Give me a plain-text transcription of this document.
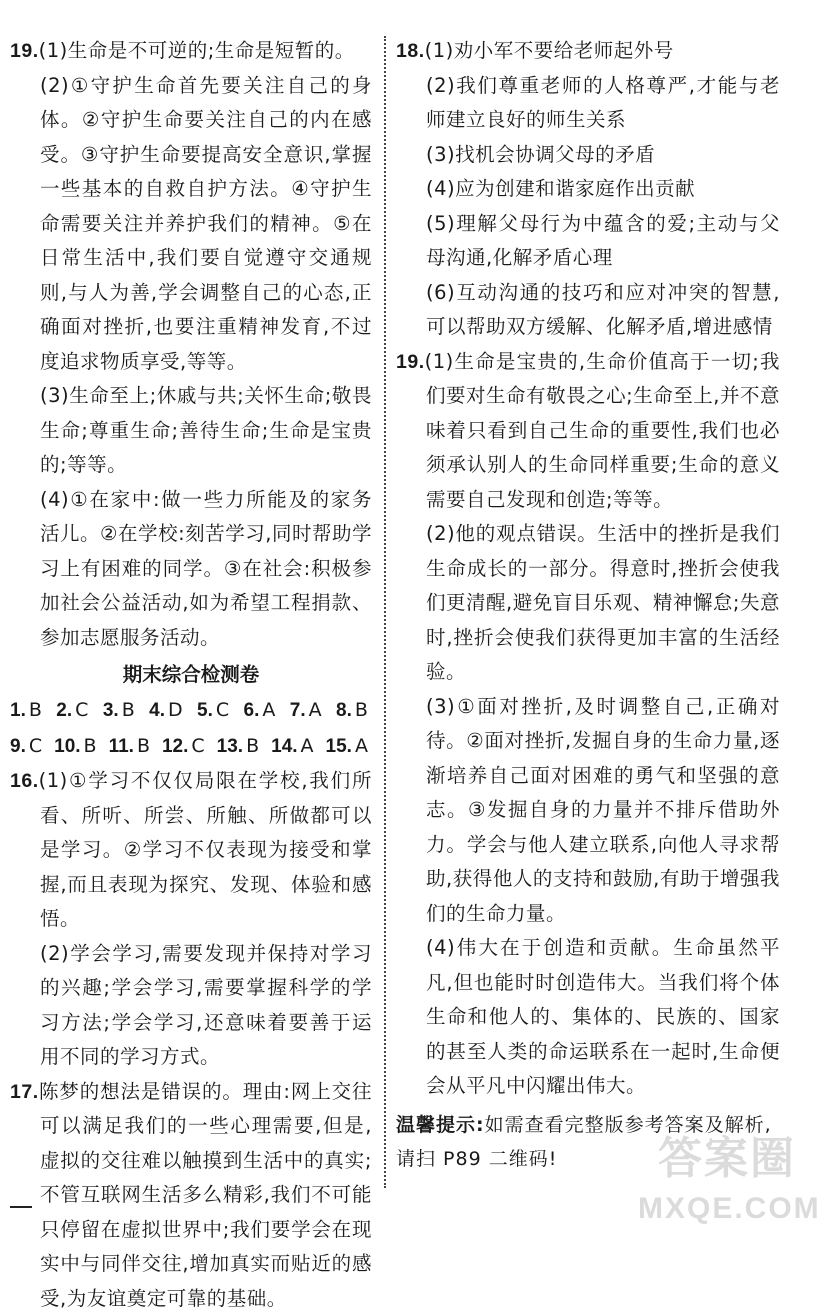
19.(1)生命是不可逆的;生命是短暂的。

(2)①守护生命首先要关注自己的身体。②守护生命要关注自己的内在感受。③守护生命要提高安全意识,掌握一些基本的自救自护方法。④守护生命需要关注并养护我们的精神。⑤在日常生活中,我们要自觉遵守交通规则,与人为善,学会调整自己的心态,正确面对挫折,也要注重精神发育,不过度追求物质享受,等等。

(3)生命至上;休戚与共;关怀生命;敬畏生命;尊重生命;善待生命;生命是宝贵的;等等。

(4)①在家中:做一些力所能及的家务活儿。②在学校:刻苦学习,同时帮助学习上有困难的同学。③在社会:积极参加社会公益活动,如为希望工程捐款、参加志愿服务活动。

期末综合检测卷
1. B 2. C 3. B 4. D 5. C 6. A 7. A 8. B
9. C 10. B 11. B 12. C 13. B 14. A 15. A

16.(1)①学习不仅仅局限在学校,我们所看、所听、所尝、所触、所做都可以是学习。②学习不仅表现为接受和掌握,而且表现为探究、发现、体验和感悟。

(2)学会学习,需要发现并保持对学习的兴趣;学会学习,需要掌握科学的学习方法;学会学习,还意味着要善于运用不同的学习方式。

17.陈梦的想法是错误的。理由:网上交往可以满足我们的一些心理需要,但是,虚拟的交往难以触摸到生活中的真实;不管互联网生活多么精彩,我们不可能只停留在虚拟世界中;我们要学会在现实中与同伴交往,增加真实而贴近的感受,为友谊奠定可靠的基础。

18.(1)劝小军不要给老师起外号

(2)我们尊重老师的人格尊严,才能与老师建立良好的师生关系

(3)找机会协调父母的矛盾

(4)应为创建和谐家庭作出贡献

(5)理解父母行为中蕴含的爱;主动与父母沟通,化解矛盾心理

(6)互动沟通的技巧和应对冲突的智慧,可以帮助双方缓解、化解矛盾,增进感情

19.(1)生命是宝贵的,生命价值高于一切;我们要对生命有敬畏之心;生命至上,并不意味着只看到自己生命的重要性,我们也必须承认别人的生命同样重要;生命的意义需要自己发现和创造;等等。

(2)他的观点错误。生活中的挫折是我们生命成长的一部分。得意时,挫折会使我们更清醒,避免盲目乐观、精神懈怠;失意时,挫折会使我们获得更加丰富的生活经验。

(3)①面对挫折,及时调整自己,正确对待。②面对挫折,发掘自身的生命力量,逐渐培养自己面对困难的勇气和坚强的意志。③发掘自身的力量并不排斥借助外力。学会与他人建立联系,向他人寻求帮助,获得他人的支持和鼓励,有助于增强我们的生命力量。

(4)伟大在于创造和贡献。生命虽然平凡,但也能时时创造伟大。当我们将个体生命和他人的、集体的、民族的、国家的甚至人类的命运联系在一起时,生命便会从平凡中闪耀出伟大。

温馨提示:如需查看完整版参考答案及解析,请扫 P89 二维码!	答案圈
MXQE.COM
